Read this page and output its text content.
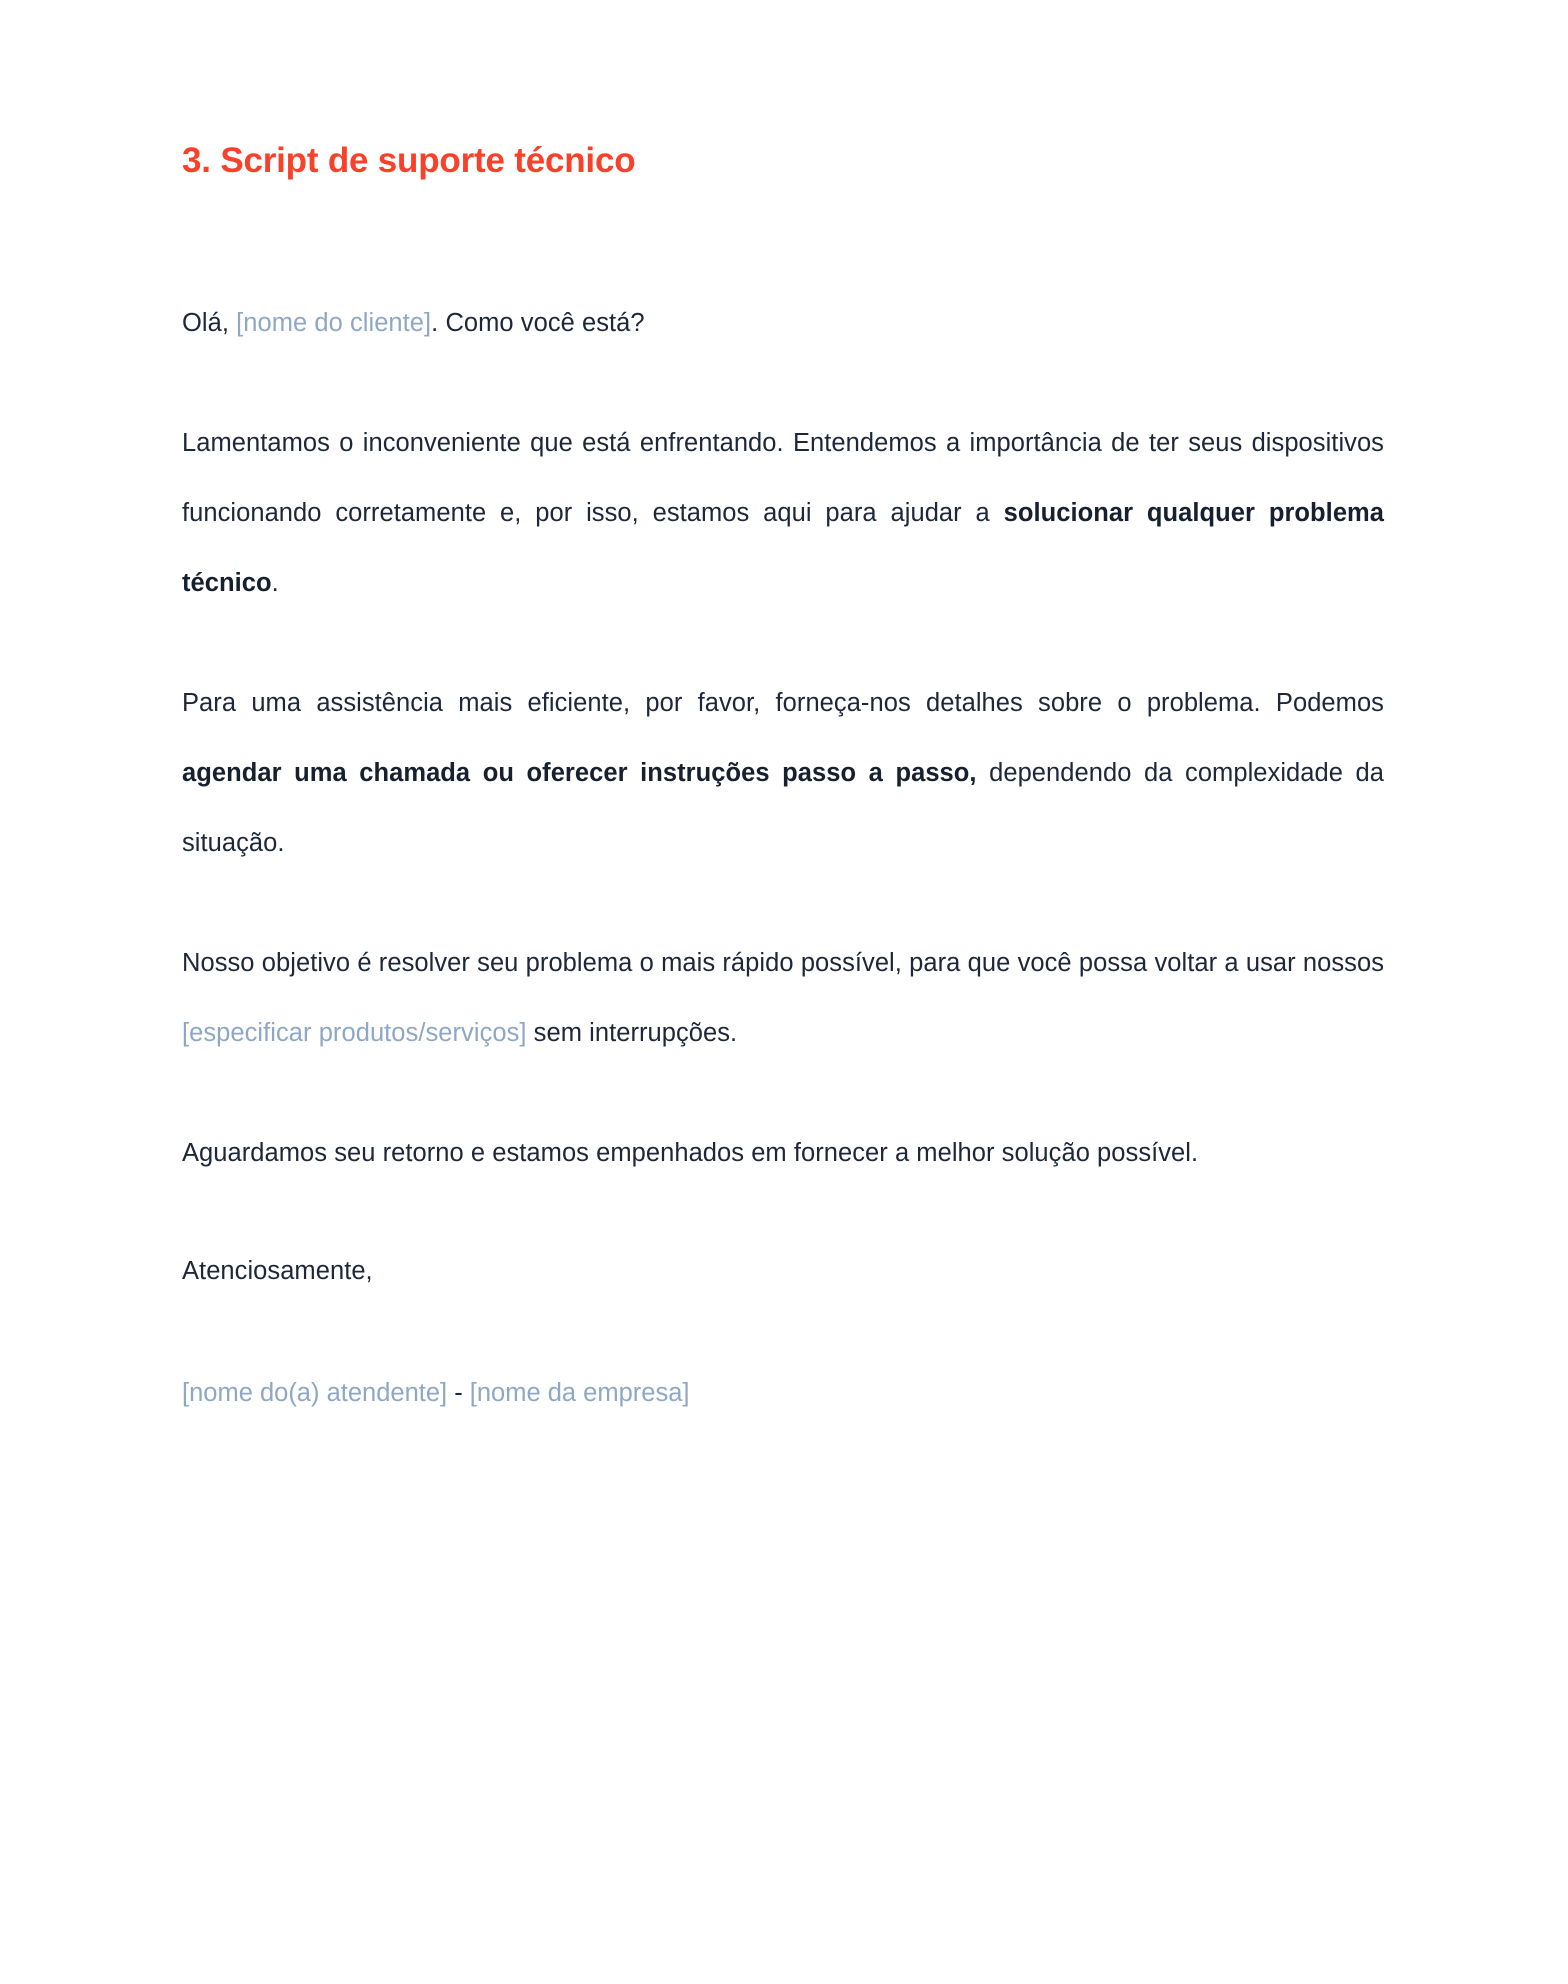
3. Script de suporte técnico

Olá, [nome do cliente]. Como você está?

Lamentamos o inconveniente que está enfrentando. Entendemos a importância de ter seus dispositivos funcionando corretamente e, por isso, estamos aqui para ajudar a solucionar qualquer problema técnico.

Para uma assistência mais eficiente, por favor, forneça-nos detalhes sobre o problema. Podemos agendar uma chamada ou oferecer instruções passo a passo, dependendo da complexidade da situação.

Nosso objetivo é resolver seu problema o mais rápido possível, para que você possa voltar a usar nossos [especificar produtos/serviços] sem interrupções.

Aguardamos seu retorno e estamos empenhados em fornecer a melhor solução possível.

Atenciosamente,

[nome do(a) atendente] - [nome da empresa]
